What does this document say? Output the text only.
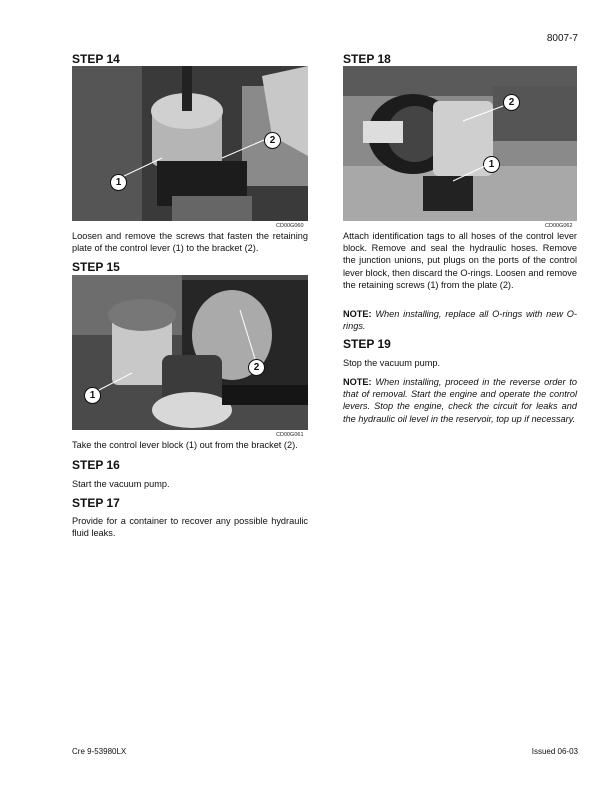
8007-7
STEP 14
1
2
CD00G060

Loosen and remove the screws that fasten the retaining plate of the control lever (1) to the bracket (2).

STEP 15
1
2
CD00G061

Take the control lever block (1) out from the bracket (2).

STEP 16

Start the vacuum pump.

STEP 17

Provide for a container to recover any possible hydraulic fluid leaks.

STEP 18
2
1
CD00G062

Attach identification tags to all hoses of the control lever block. Remove and seal the hydraulic hoses. Remove the junction unions, put plugs on the ports of the control lever block, then discard the O-rings. Loosen and remove the retaining screws (1) from the plate (2).

NOTE: When installing, replace all O-rings with new O-rings.

STEP 19

Stop the vacuum pump.

NOTE: When installing, proceed in the reverse order to that of removal. Start the engine and operate the control levers. Stop the engine, check the circuit for leaks and the hydraulic oil level in the reservoir, top up if necessary.

Cre 9-53980LX	Issued 06-03
